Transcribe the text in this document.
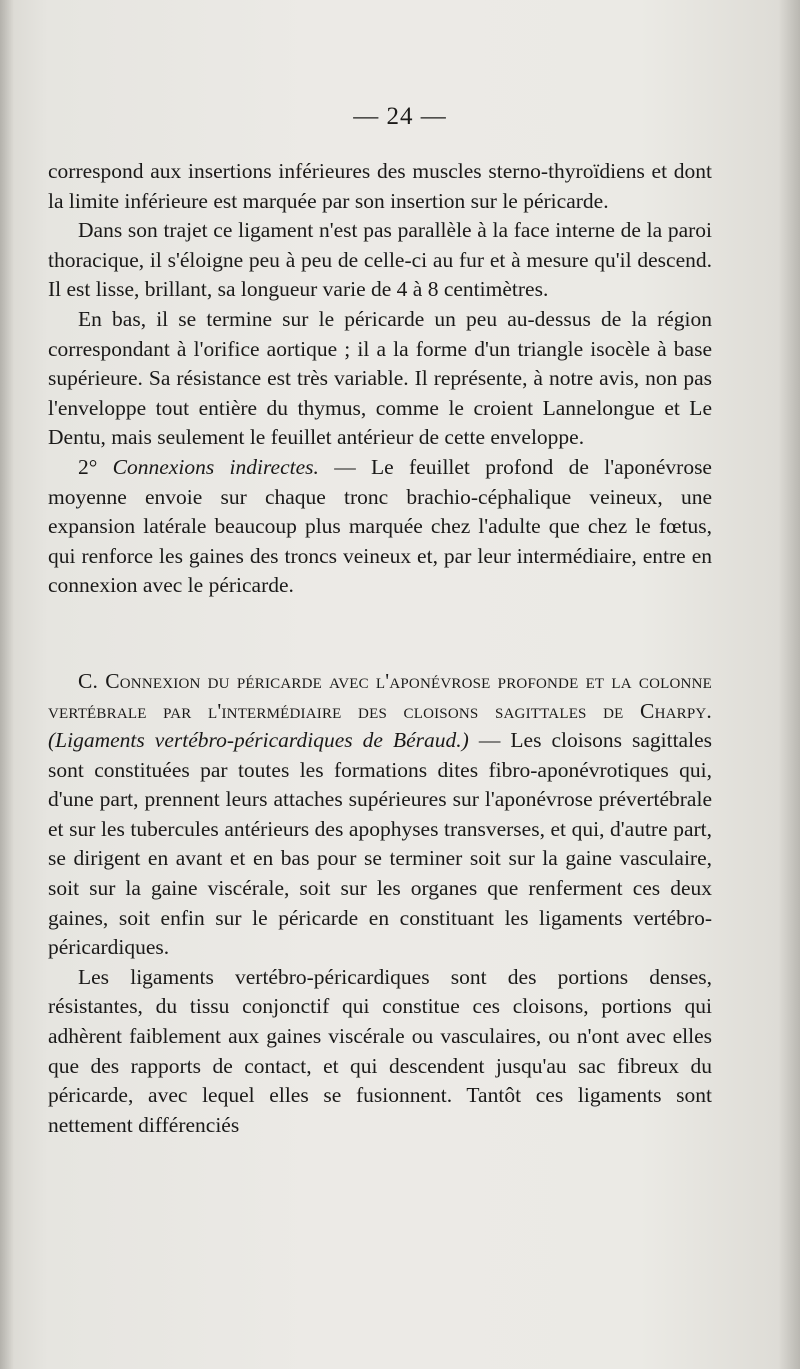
— 24 —

correspond aux insertions inférieures des muscles sterno-thyroïdiens et dont la limite inférieure est marquée par son insertion sur le péricarde.

Dans son trajet ce ligament n'est pas parallèle à la face interne de la paroi thoracique, il s'éloigne peu à peu de celle-ci au fur et à mesure qu'il descend. Il est lisse, brillant, sa longueur varie de 4 à 8 centimètres.

En bas, il se termine sur le péricarde un peu au-dessus de la région correspondant à l'orifice aortique ; il a la forme d'un triangle isocèle à base supérieure. Sa résistance est très variable. Il représente, à notre avis, non pas l'enveloppe tout entière du thymus, comme le croient Lannelongue et Le Dentu, mais seulement le feuillet antérieur de cette enveloppe.

2° Connexions indirectes. — Le feuillet profond de l'aponévrose moyenne envoie sur chaque tronc brachio-céphalique veineux, une expansion latérale beaucoup plus marquée chez l'adulte que chez le fœtus, qui renforce les gaines des troncs veineux et, par leur intermédiaire, entre en connexion avec le péricarde.

C. Connexion du péricarde avec l'aponévrose profonde et la colonne vertébrale par l'intermédiaire des cloisons sagittales de Charpy. (Ligaments vertébro-péricardiques de Béraud.) — Les cloisons sagittales sont constituées par toutes les formations dites fibro-aponévrotiques qui, d'une part, prennent leurs attaches supérieures sur l'aponévrose prévertébrale et sur les tubercules antérieurs des apophyses transverses, et qui, d'autre part, se dirigent en avant et en bas pour se terminer soit sur la gaine vasculaire, soit sur la gaine viscérale, soit sur les organes que renferment ces deux gaines, soit enfin sur le péricarde en constituant les ligaments vertébro-péricardiques.

Les ligaments vertébro-péricardiques sont des portions denses, résistantes, du tissu conjonctif qui constitue ces cloisons, portions qui adhèrent faiblement aux gaines viscérale ou vasculaires, ou n'ont avec elles que des rapports de contact, et qui descendent jusqu'au sac fibreux du péricarde, avec lequel elles se fusionnent. Tantôt ces ligaments sont nettement différenciés
